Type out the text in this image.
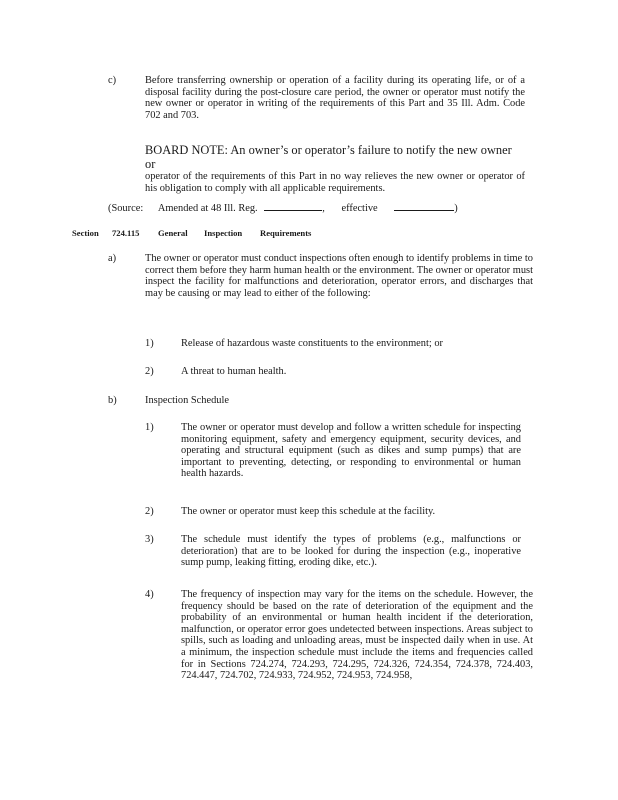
c)	Before transferring ownership or operation of a facility during its operating life, or of a disposal facility during the post-closure care period, the owner or operator must notify the new owner or operator in writing of the requirements of this Part and 35 Ill. Adm. Code 702 and 703.

BOARD NOTE: An owner’s or operator’s failure to notify the new owner or
operator of the requirements of this Part in no way relieves the new owner or operator of his obligation to comply with all applicable requirements.
(Source: Amended at 48 Ill. Reg.	, effective	)
Section 724.115 General Inspection Requirements

a)	The owner or operator must conduct inspections often enough to identify problems in time to correct them before they harm human health or the environment. The owner or operator must inspect the facility for malfunctions and deterioration, operator errors, and discharges that may be causing or may lead to either of the following:

1)	Release of hazardous waste constituents to the environment; or

2)	A threat to human health.

b)	Inspection Schedule

1)	The owner or operator must develop and follow a written schedule for inspecting monitoring equipment, safety and emergency equipment, security devices, and operating and structural equipment (such as dikes and sump pumps) that are important to preventing, detecting, or responding to environmental or human health hazards.

2)	The owner or operator must keep this schedule at the facility.

3)	The schedule must identify the types of problems (e.g., malfunctions or deterioration) that are to be looked for during the inspection (e.g., inoperative sump pump, leaking fitting, eroding dike, etc.).

4)	The frequency of inspection may vary for the items on the schedule. However, the frequency should be based on the rate of deterioration of the equipment and the probability of an environmental or human health incident if the deterioration, malfunction, or operator error goes undetected between inspections. Areas subject to spills, such as loading and unloading areas, must be inspected daily when in use. At a minimum, the inspection schedule must include the items and frequencies called for in Sections 724.274, 724.293, 724.295, 724.326, 724.354, 724.378, 724.403, 724.447, 724.702, 724.933, 724.952, 724.953, 724.958,
